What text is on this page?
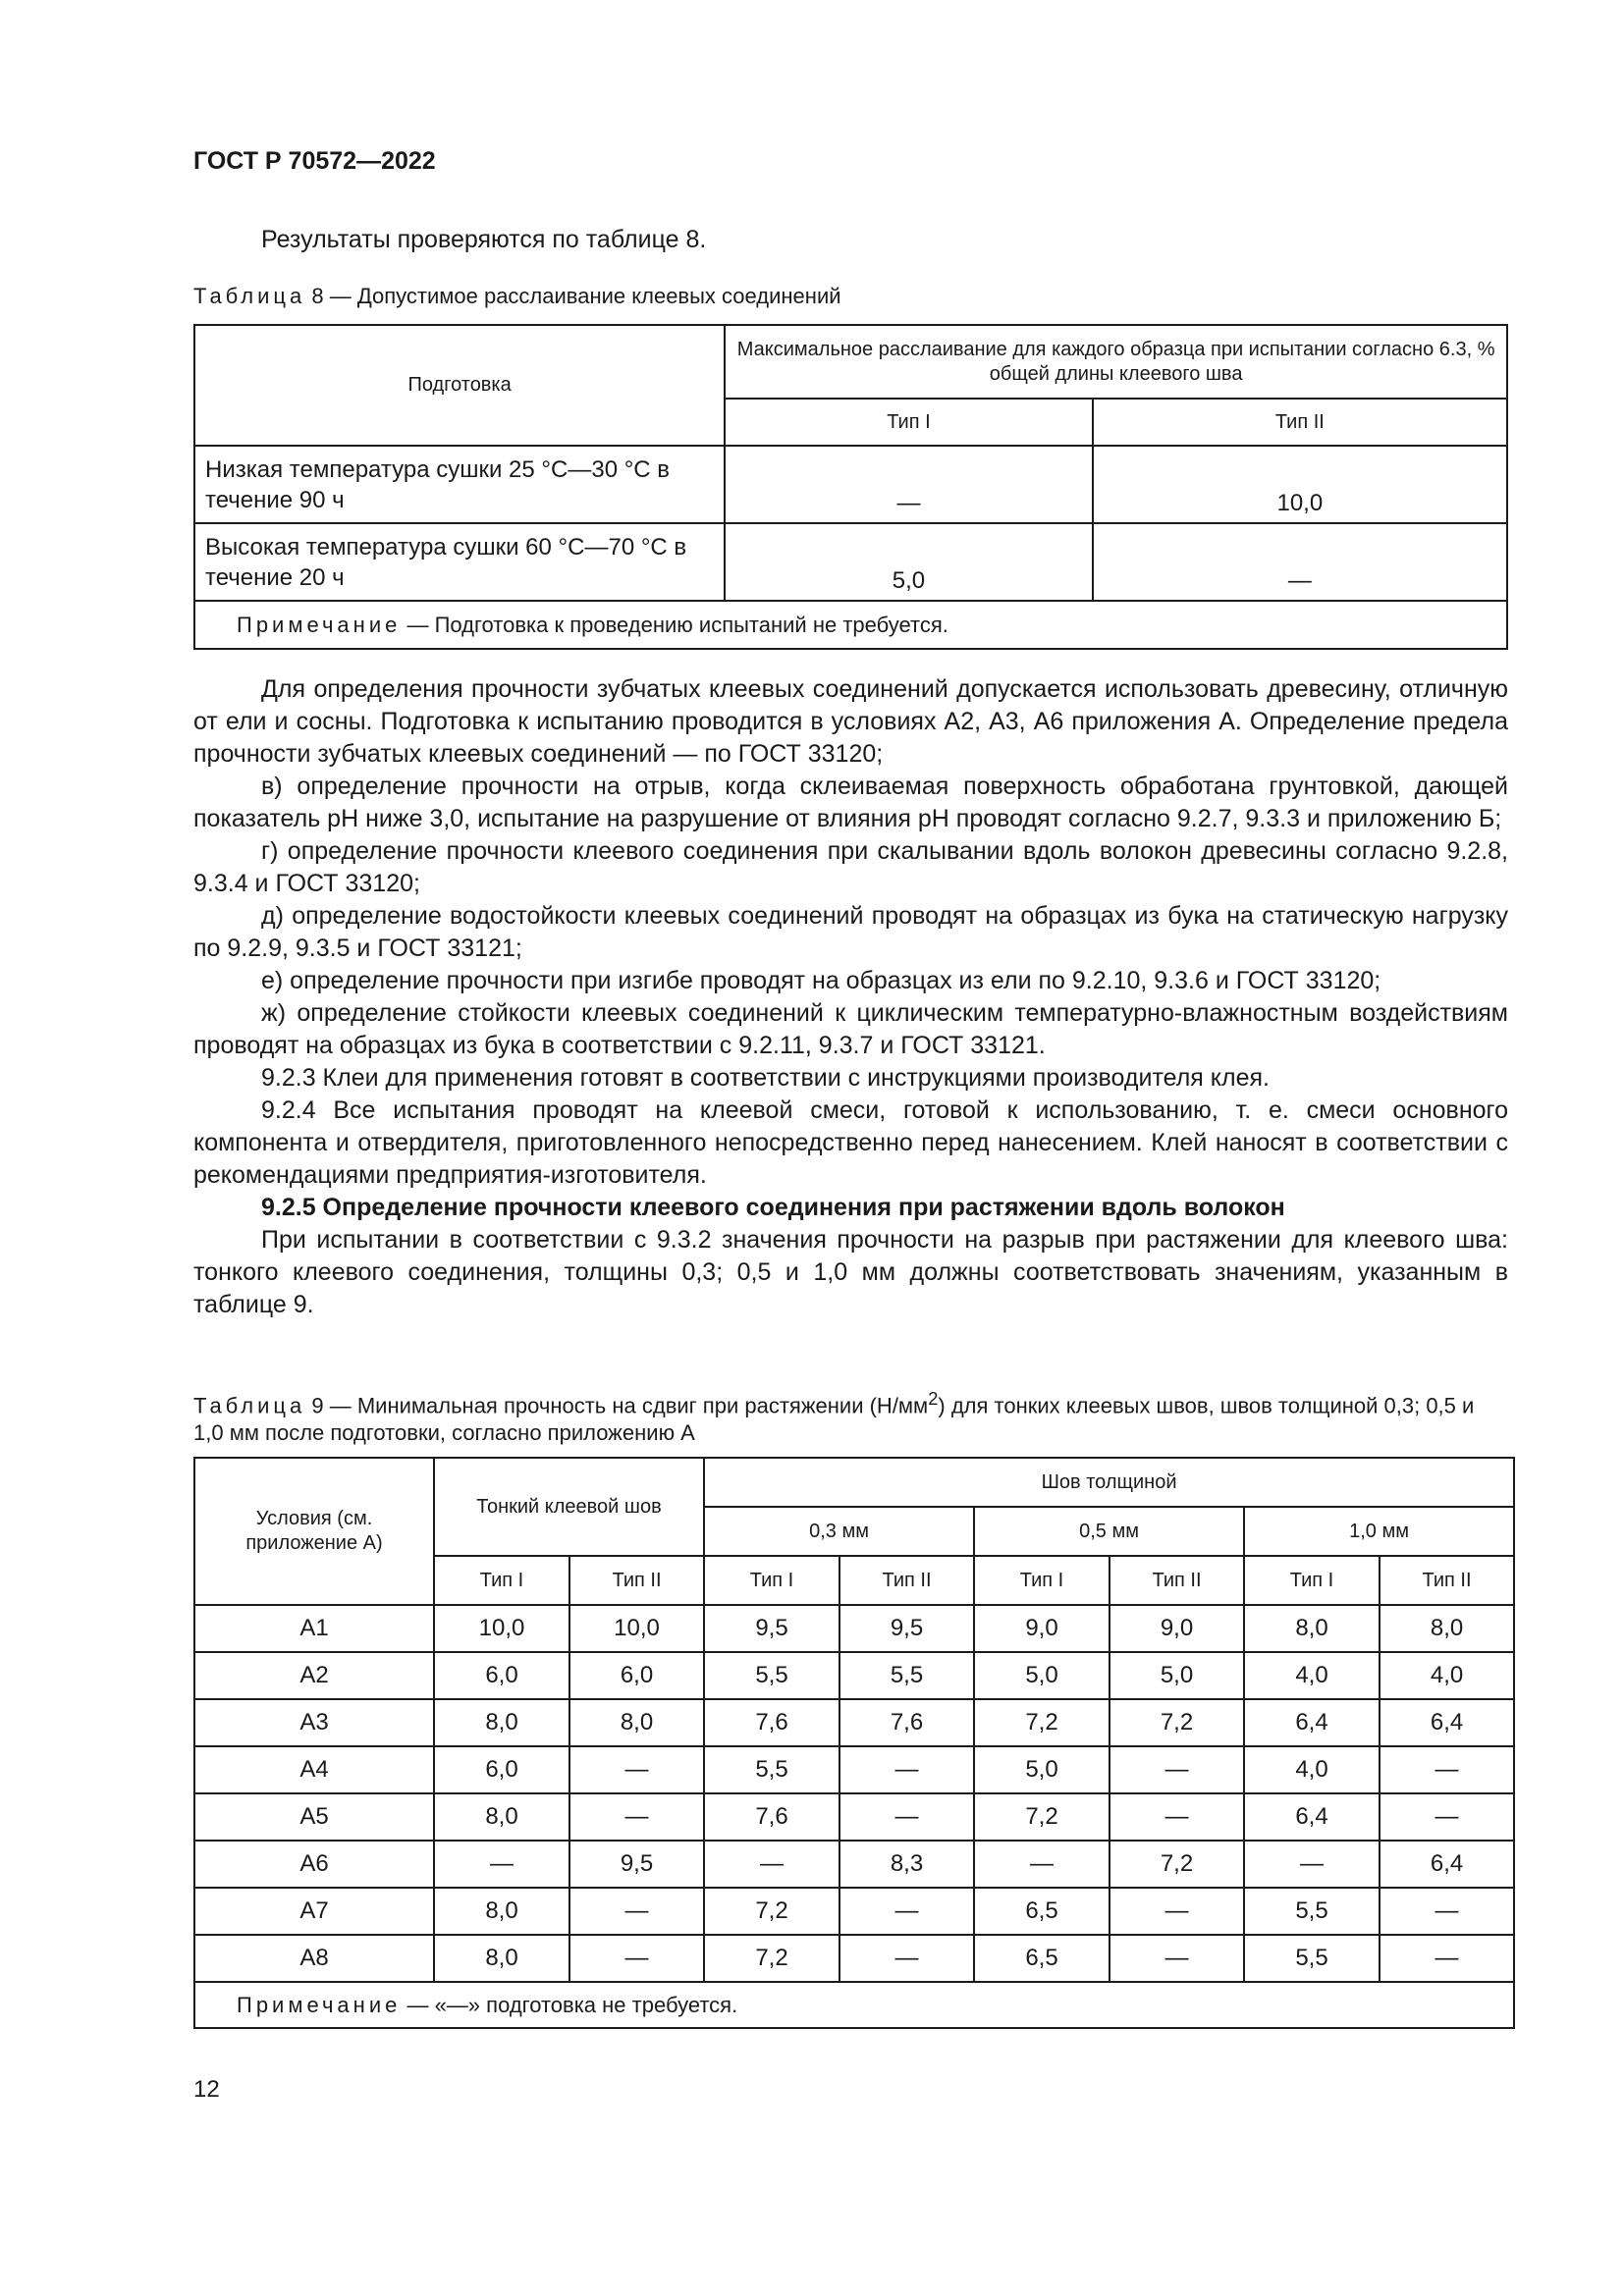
ГОСТ Р 70572—2022
Результаты проверяются по таблице 8.
Таблица 8 — Допустимое расслаивание клеевых соединений
Подготовка	Максимальное расслаивание для каждого образца при испытании согласно 6.3, % общей длины клеевого шва	
	Тип I	Тип II
Низкая температура сушки 25 °С—30 °С в течение 90 ч	—	10,0
Высокая температура сушки 60 °С—70 °С в течение 20 ч	5,0	—
Примечание — Подготовка к проведению испытаний не требуется.		

Для определения прочности зубчатых клеевых соединений допускается использовать древесину, отличную от ели и сосны. Подготовка к испытанию проводится в условиях А2, А3, А6 приложения А. Определение предела прочности зубчатых клеевых соединений — по ГОСТ 33120;

в) определение прочности на отрыв, когда склеиваемая поверхность обработана грунтовкой, дающей показатель рН ниже 3,0, испытание на разрушение от влияния рН проводят согласно 9.2.7, 9.3.3 и приложению Б;

г) определение прочности клеевого соединения при скалывании вдоль волокон древесины согласно 9.2.8, 9.3.4 и ГОСТ 33120;

д) определение водостойкости клеевых соединений проводят на образцах из бука на статическую нагрузку по 9.2.9, 9.3.5 и ГОСТ 33121;

е) определение прочности при изгибе проводят на образцах из ели по 9.2.10, 9.3.6 и ГОСТ 33120;

ж) определение стойкости клеевых соединений к циклическим температурно-влажностным воздействиям проводят на образцах из бука в соответствии с 9.2.11, 9.3.7 и ГОСТ 33121.

9.2.3 Клеи для применения готовят в соответствии с инструкциями производителя клея.

9.2.4 Все испытания проводят на клеевой смеси, готовой к использованию, т. е. смеси основного компонента и отвердителя, приготовленного непосредственно перед нанесением. Клей наносят в соответствии с рекомендациями предприятия-изготовителя.

9.2.5 Определение прочности клеевого соединения при растяжении вдоль волокон

При испытании в соответствии с 9.3.2 значения прочности на разрыв при растяжении для клеевого шва: тонкого клеевого соединения, толщины 0,3; 0,5 и 1,0 мм должны соответствовать значениям, указанным в таблице 9.

Таблица 9 — Минимальная прочность на сдвиг при растяжении $(Н/мм^2)$ для тонких клеевых швов, швов толщиной 0,3; 0,5 и 1,0 мм после подготовки, согласно приложению А
Условия (см. приложение А)	Тонкий клеевой шов		Шов толщиной					
			0,3 мм		0,5 мм		1,0 мм	
	Тип I	Тип II	Тип I	Тип II	Тип I	Тип II	Тип I	Тип II
А1	10,0	10,0	9,5	9,5	9,0	9,0	8,0	8,0
А2	6,0	6,0	5,5	5,5	5,0	5,0	4,0	4,0
А3	8,0	8,0	7,6	7,6	7,2	7,2	6,4	6,4
А4	6,0	—	5,5	—	5,0	—	4,0	—
А5	8,0	—	7,6	—	7,2	—	6,4	—
А6	—	9,5	—	8,3	—	7,2	—	6,4
А7	8,0	—	7,2	—	6,5	—	5,5	—
А8	8,0	—	7,2	—	6,5	—	5,5	—
Примечание — «—» подготовка не требуется.								
12
